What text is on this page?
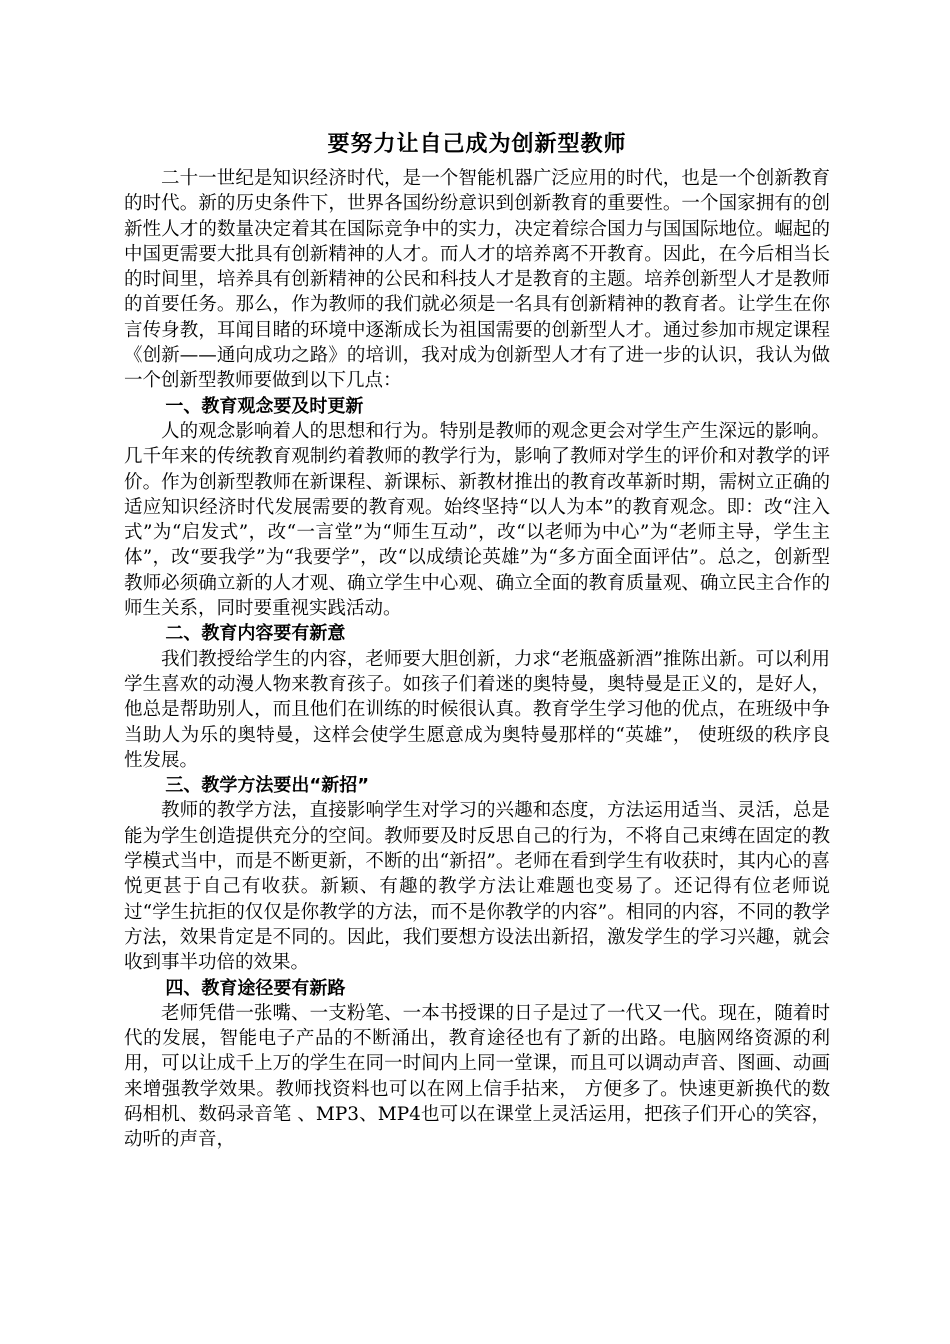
要努力让自己成为创新型教师

二十一世纪是知识经济时代，是一个智能机器广泛应用的时代，也是一个创新教育的时代。新的历史条件下，世界各国纷纷意识到创新教育的重要性。一个国家拥有的创新性人才的数量决定着其在国际竞争中的实力，决定着综合国力与国国际地位。崛起的中国更需要大批具有创新精神的人才。而人才的培养离不开教育。因此，在今后相当长的时间里，培养具有创新精神的公民和科技人才是教育的主题。培养创新型人才是教师的首要任务。那么，作为教师的我们就必须是一名具有创新精神的教育者。让学生在你言传身教，耳闻目睹的环境中逐渐成长为祖国需要的创新型人才。通过参加市规定课程《创新——通向成功之路》的培训，我对成为创新型人才有了进一步的认识，我认为做一个创新型教师要做到以下几点：

一、教育观念要及时更新

人的观念影响着人的思想和行为。特别是教师的观念更会对学生产生深远的影响。几千年来的传统教育观制约着教师的教学行为，影响了教师对学生的评价和对教学的评价。作为创新型教师在新课程、新课标、新教材推出的教育改革新时期，需树立正确的适应知识经济时代发展需要的教育观。始终坚持“以人为本”的教育观念。即：改“注入式”为“启发式”，改“一言堂”为“师生互动”，改“以老师为中心”为“老师主导，学生主体”，改“要我学”为“我要学”，改“以成绩论英雄”为“多方面全面评估”。总之，创新型教师必须确立新的人才观、确立学生中心观、确立全面的教育质量观、确立民主合作的师生关系，同时要重视实践活动。

二、教育内容要有新意

我们教授给学生的内容，老师要大胆创新，力求“老瓶盛新酒”推陈出新。可以利用学生喜欢的动漫人物来教育孩子。如孩子们着迷的奥特曼，奥特曼是正义的，是好人，他总是帮助别人，而且他们在训练的时候很认真。教育学生学习他的优点，在班级中争当助人为乐的奥特曼，这样会使学生愿意成为奥特曼那样的“英雄”， 使班级的秩序良性发展。

三、教学方法要出“新招”

教师的教学方法，直接影响学生对学习的兴趣和态度，方法运用适当、灵活，总是能为学生创造提供充分的空间。教师要及时反思自己的行为，不将自己束缚在固定的教学模式当中，而是不断更新，不断的出“新招”。老师在看到学生有收获时，其内心的喜悦更甚于自己有收获。新颖、有趣的教学方法让难题也变易了。还记得有位老师说过“学生抗拒的仅仅是你教学的方法，而不是你教学的内容”。相同的内容，不同的教学方法，效果肯定是不同的。因此，我们要想方设法出新招，激发学生的学习兴趣，就会收到事半功倍的效果。

四、教育途径要有新路

老师凭借一张嘴、一支粉笔、一本书授课的日子是过了一代又一代。现在，随着时代的发展，智能电子产品的不断涌出，教育途径也有了新的出路。电脑网络资源的利用，可以让成千上万的学生在同一时间内上同一堂课，而且可以调动声音、图画、动画来增强教学效果。教师找资料也可以在网上信手拈来， 方便多了。快速更新换代的数码相机、数码录音笔 、MP3、MP4也可以在课堂上灵活运用，把孩子们开心的笑容，动听的声音，
